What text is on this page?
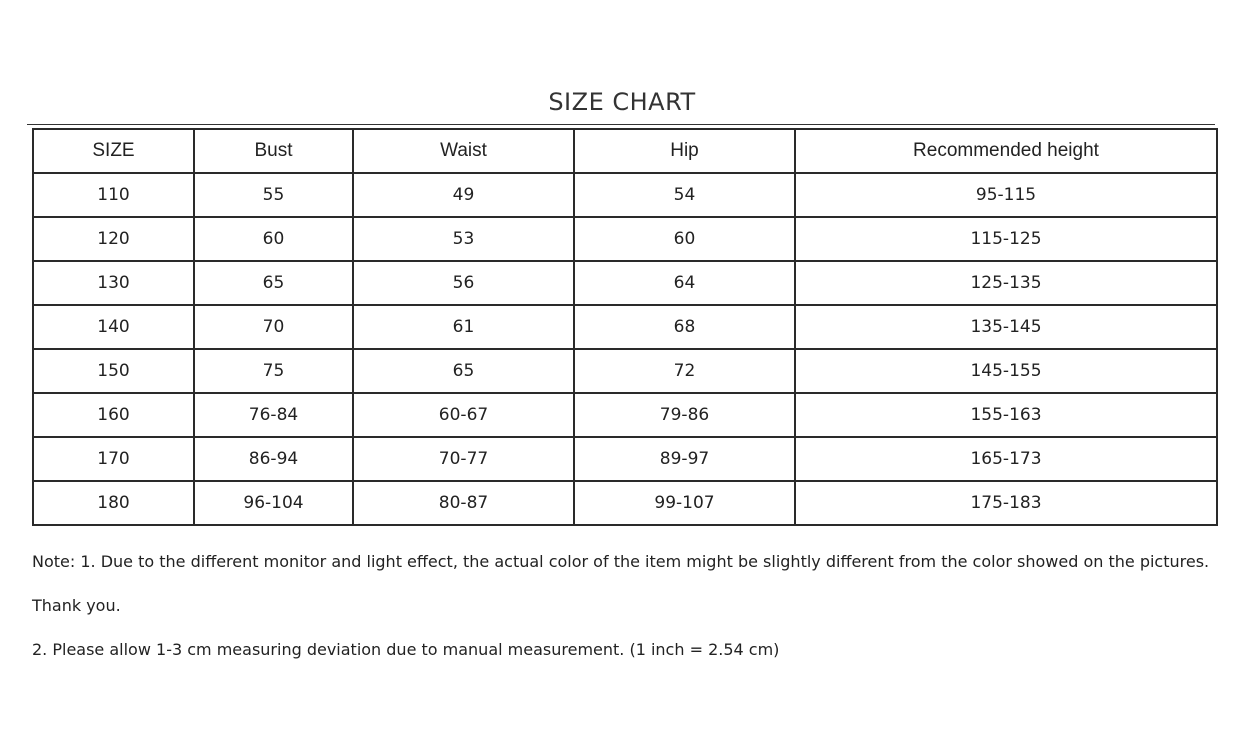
SIZE CHART
SIZE	Bust	Waist	Hip	Recommended height
110	55	49	54	95-115
120	60	53	60	115-125
130	65	56	64	125-135
140	70	61	68	135-145
150	75	65	72	145-155
160	76-84	60-67	79-86	155-163
170	86-94	70-77	89-97	165-173
180	96-104	80-87	99-107	175-183
Note: 1. Due to the different monitor and light effect, the actual color of the item might be slightly different from the color showed on the pictures.
Thank you.
2. Please allow 1-3 cm measuring deviation due to manual measurement. (1 inch = 2.54 cm)
